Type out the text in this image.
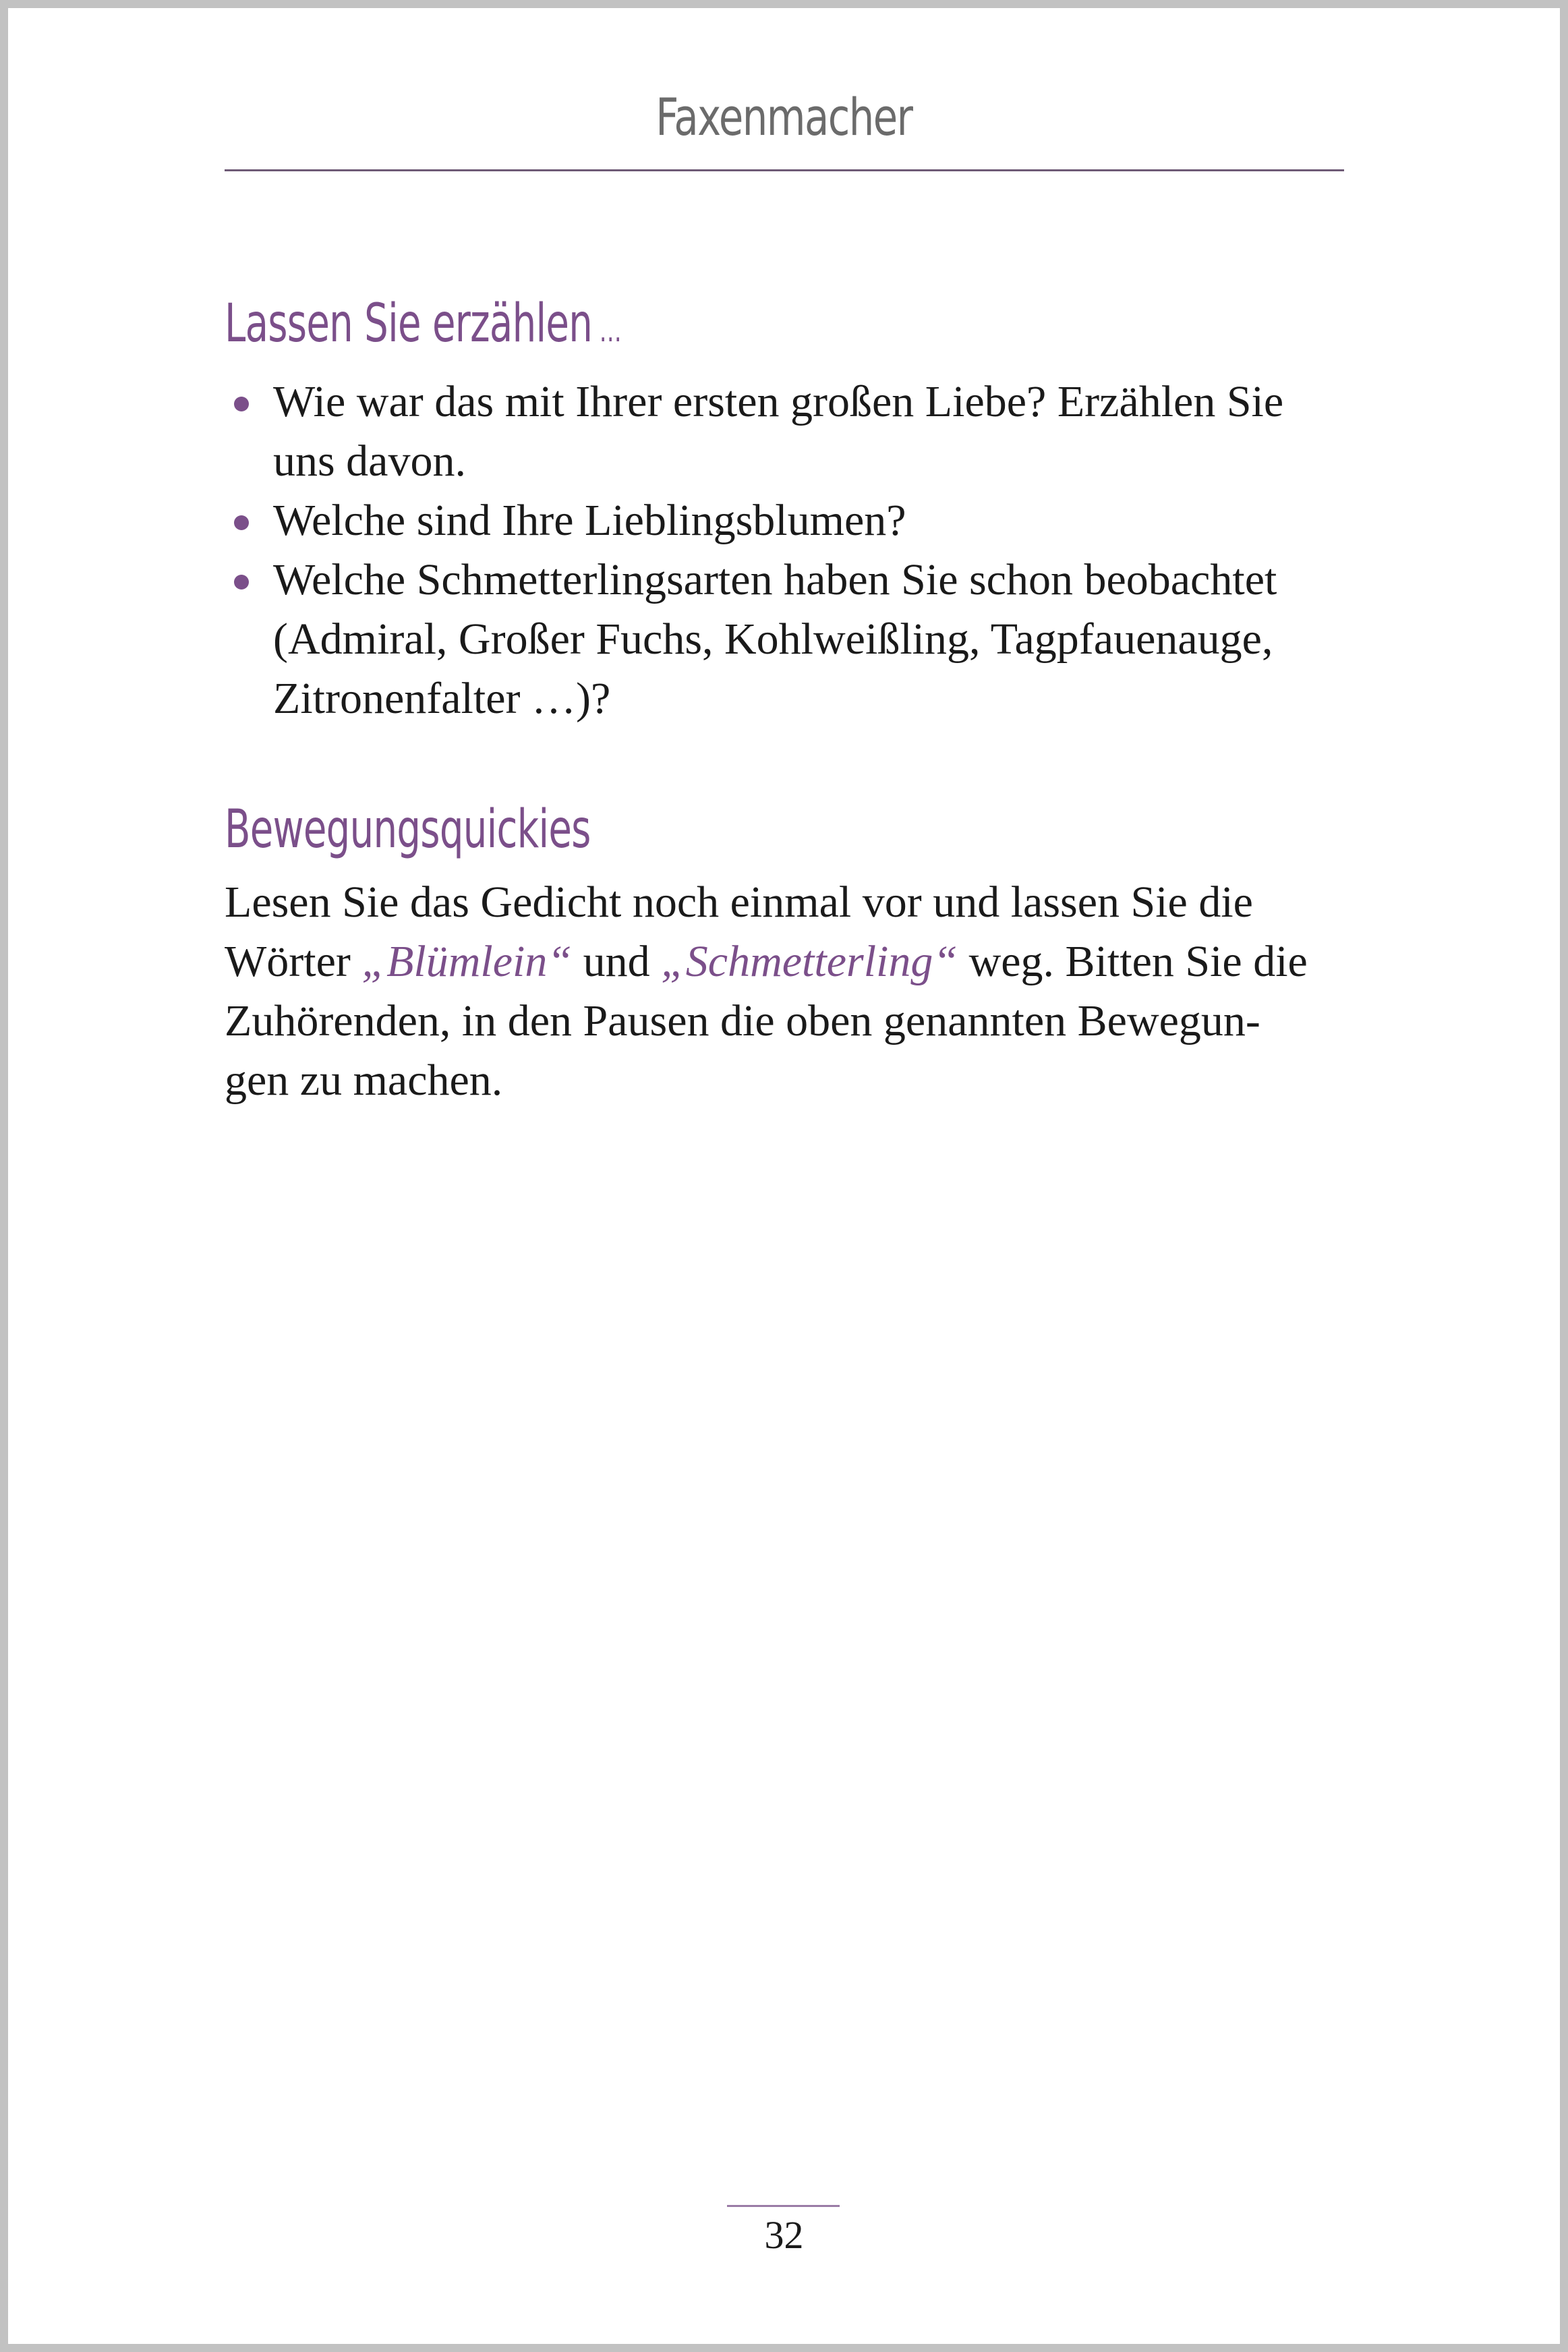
Faxenmacher
Lassen Sie erzählen …
Wie war das mit Ihrer ersten großen Liebe? Erzählen Sie
uns davon.
Welche sind Ihre Lieblingsblumen?
Welche Schmetterlingsarten haben Sie schon beobachtet
(Admiral, Großer Fuchs, Kohlweißling, Tagpfauenauge,
Zitronenfalter …)?
Bewegungsquickies

Lesen Sie das Gedicht noch einmal vor und lassen Sie die
Wörter „Blümlein“ und „Schmetterling“ weg. Bitten Sie die
Zuhörenden, in den Pausen die oben genannten Bewegun-
gen zu machen.

32
